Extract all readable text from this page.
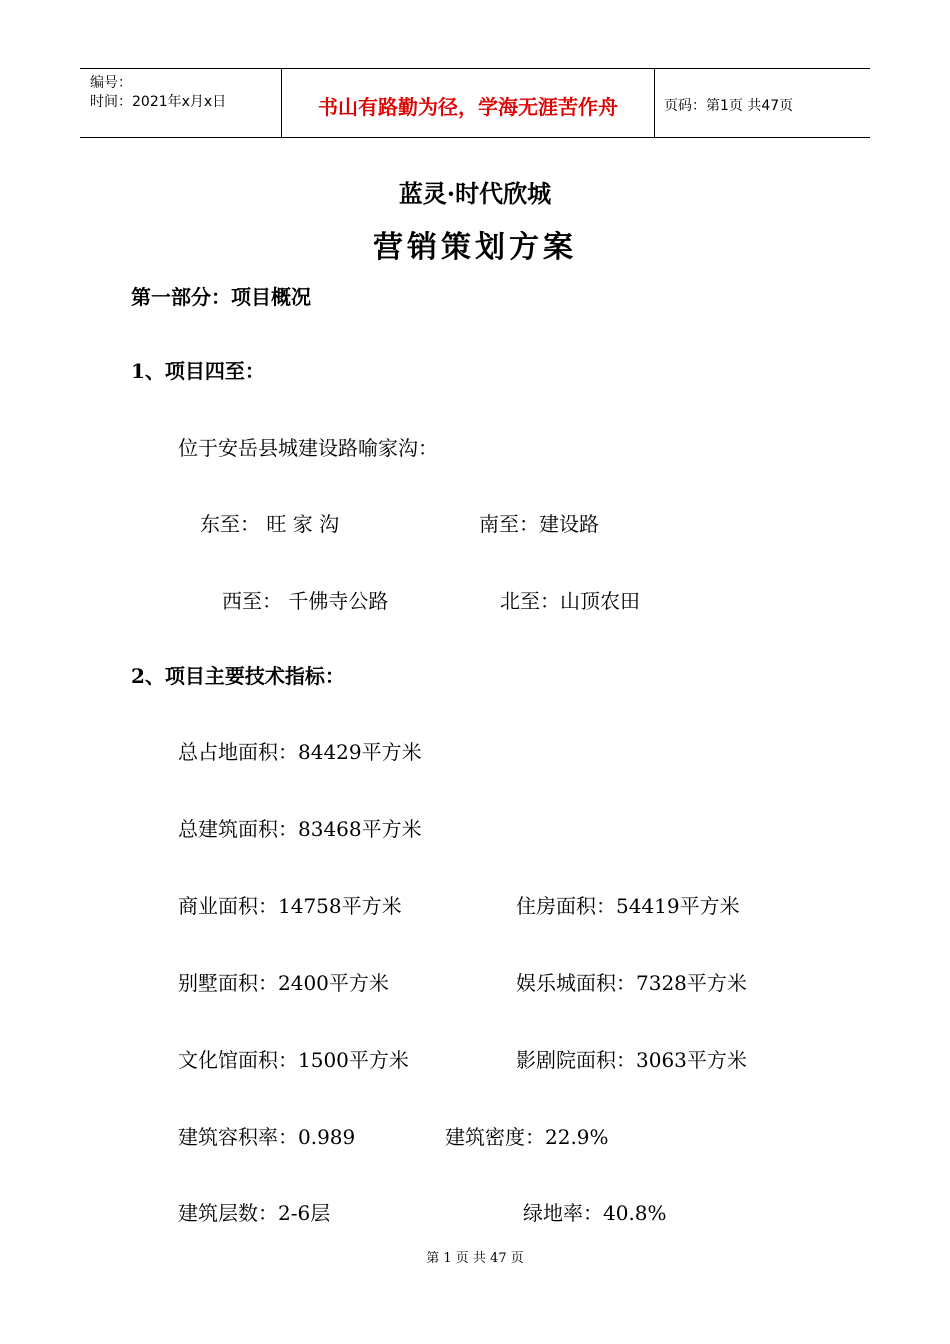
编号：
时间：2021年x月x日	书山有路勤为径，学海无涯苦作舟	页码：第1页 共47页
蓝灵·时代欣城
营销策划方案
第一部分：项目概况
1、项目四至：
位于安岳县城建设路喻家沟：
东至： 旺 家 沟	南至：建设路
西至： 千佛寺公路	北至：山顶农田
2、项目主要技术指标：
总占地面积：84429平方米
总建筑面积：83468平方米
商业面积：14758平方米	住房面积：54419平方米
别墅面积：2400平方米	娱乐城面积：7328平方米
文化馆面积：1500平方米	影剧院面积：3063平方米
建筑容积率：0.989	建筑密度：22.9%
建筑层数：2-6层	绿地率：40.8%
第 1 页 共 47 页
